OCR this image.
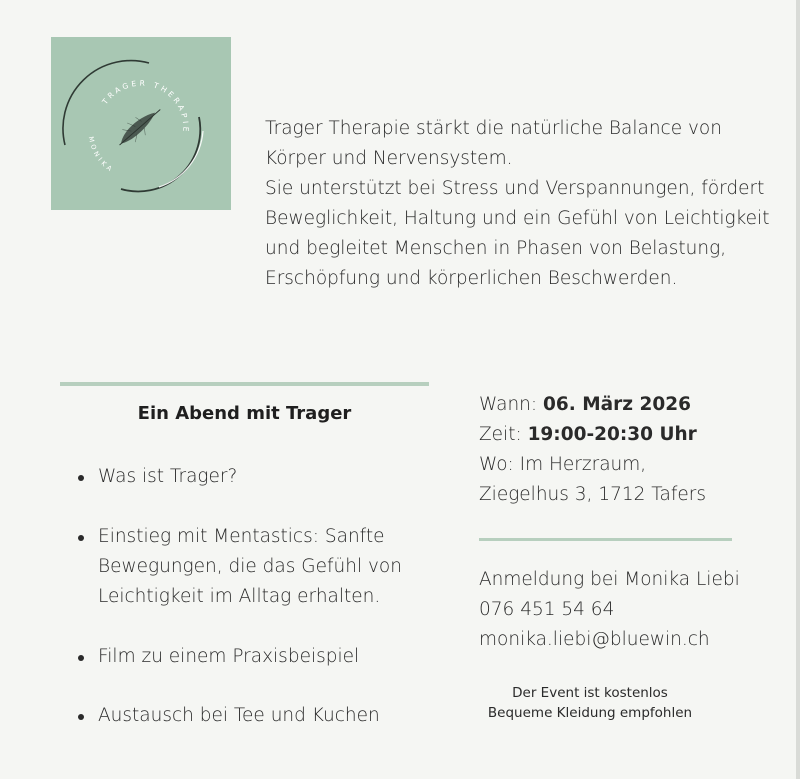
TRAGER THERAPIE
MONIKA

Trager Therapie stärkt die natürliche Balance von Körper und Nervensystem.

Sie unterstützt bei Stress und Verspannungen, fördert Beweglichkeit, Haltung und ein Gefühl von Leichtigkeit und begleitet Menschen in Phasen von Belastung, Erschöpfung und körperlichen Beschwerden.

Ein Abend mit Trager
Was ist Trager?
Einstieg mit Mentastics: Sanfte Bewegungen, die das Gefühl von Leichtigkeit im Alltag erhalten.
Film zu einem Praxisbeispiel
Austausch bei Tee und Kuchen
Wann: 06. März 2026
Zeit: 19:00-20:30 Uhr
Wo: Im Herzraum,
Ziegelhus 3, 1712 Tafers
Anmeldung bei Monika Liebi
076 451 54 64
monika.liebi@bluewin.ch
Der Event ist kostenlos
Bequeme Kleidung empfohlen
